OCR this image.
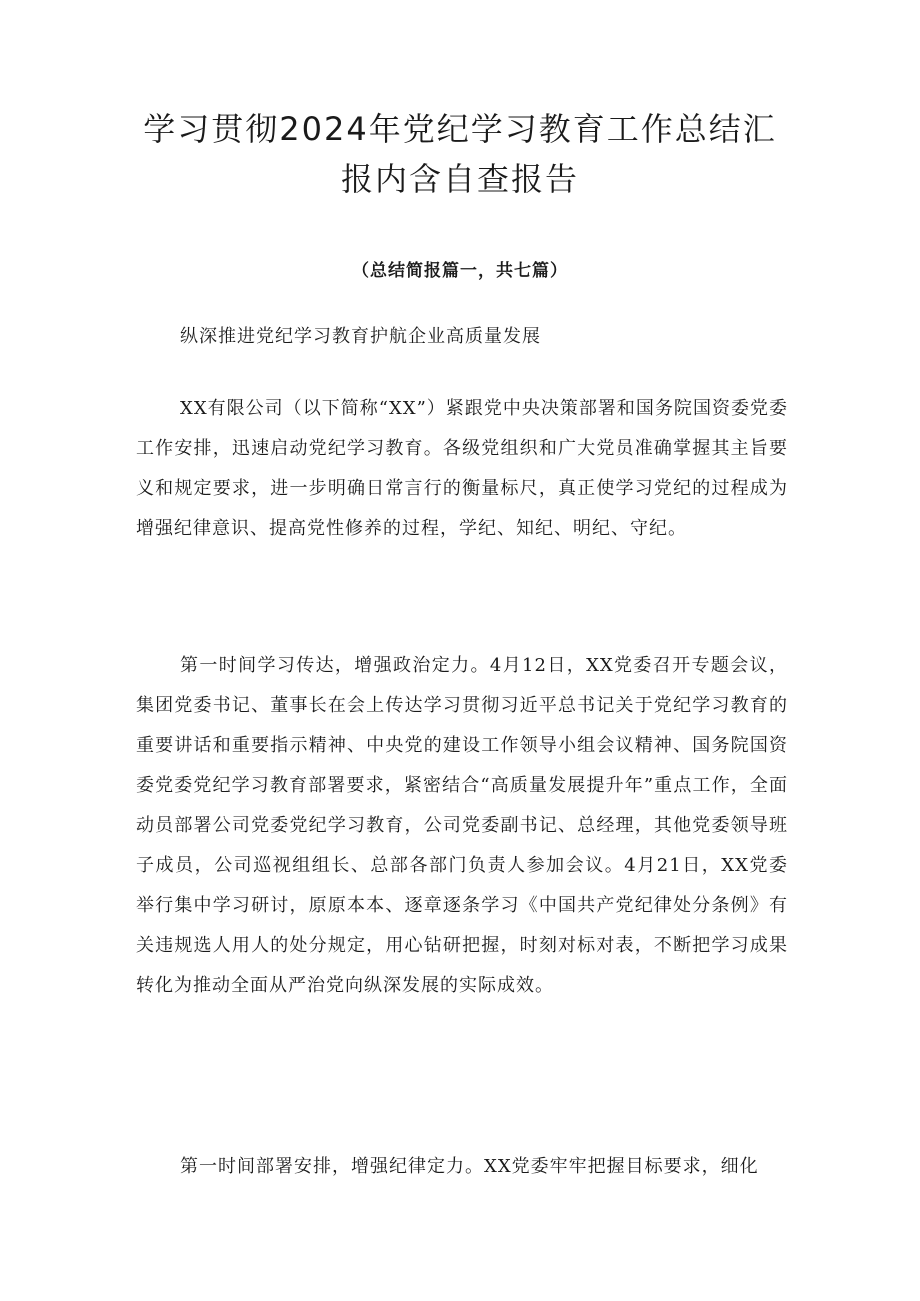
学习贯彻2024年党纪学习教育工作总结汇
报内含自查报告

（总结简报篇一，共七篇）

纵深推进党纪学习教育护航企业高质量发展

XX有限公司（以下简称“XX”）紧跟党中央决策部署和国务院国资委党委工作安排，迅速启动党纪学习教育。各级党组织和广大党员准确掌握其主旨要义和规定要求，进一步明确日常言行的衡量标尺，真正使学习党纪的过程成为增强纪律意识、提高党性修养的过程，学纪、知纪、明纪、守纪。

第一时间学习传达，增强政治定力。4月12日，XX党委召开专题会议，集团党委书记、董事长在会上传达学习贯彻习近平总书记关于党纪学习教育的重要讲话和重要指示精神、中央党的建设工作领导小组会议精神、国务院国资委党委党纪学习教育部署要求，紧密结合“高质量发展提升年”重点工作，全面动员部署公司党委党纪学习教育，公司党委副书记、总经理，其他党委领导班子成员，公司巡视组组长、总部各部门负责人参加会议。4月21日，XX党委举行集中学习研讨，原原本本、逐章逐条学习《中国共产党纪律处分条例》有关违规选人用人的处分规定，用心钻研把握，时刻对标对表，不断把学习成果转化为推动全面从严治党向纵深发展的实际成效。

第一时间部署安排，增强纪律定力。XX党委牢牢把握目标要求，细化
